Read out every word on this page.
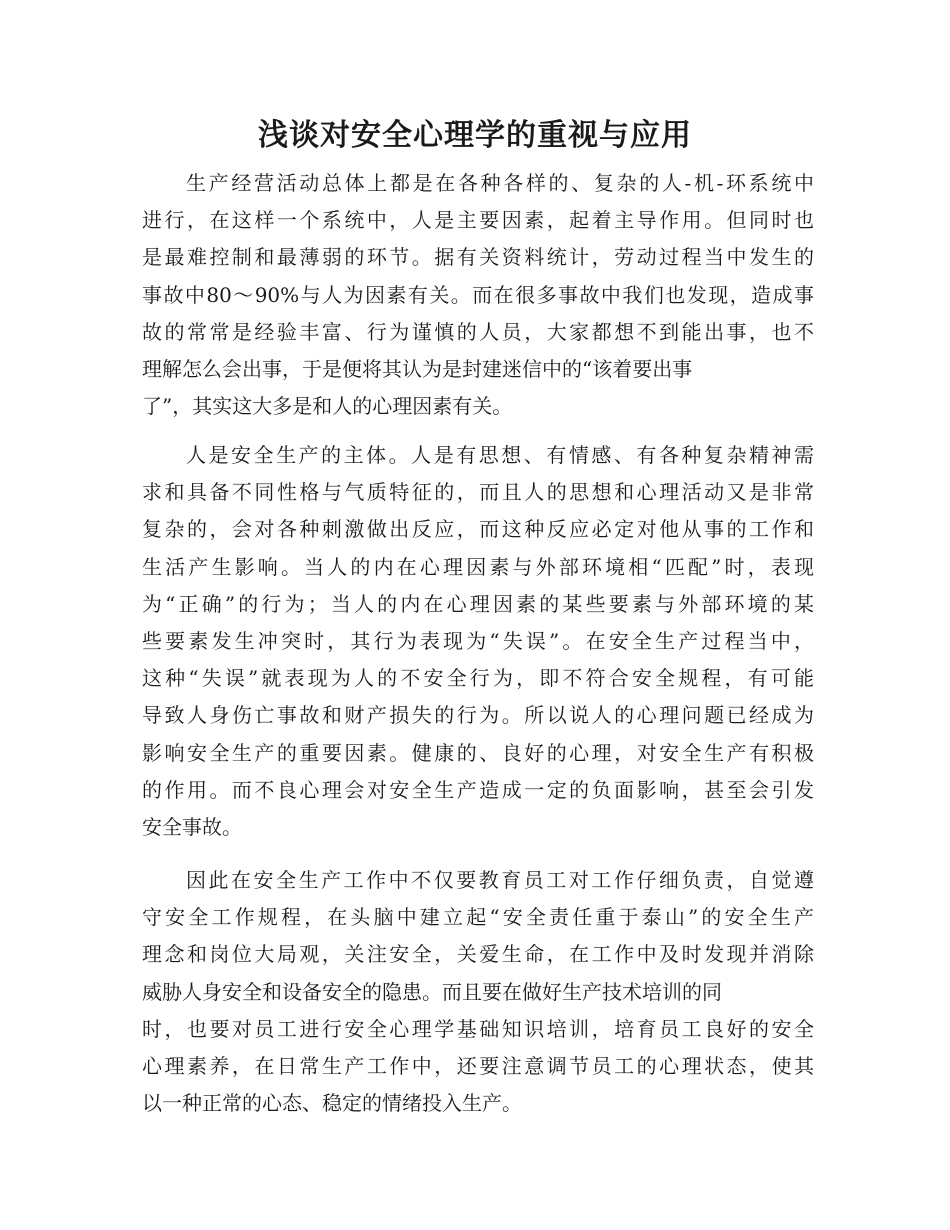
浅谈对安全心理学的重视与应用
生产经营活动总体上都是在各种各样的、复杂的人-机-环系统中
进行，在这样一个系统中，人是主要因素，起着主导作用。但同时也
是最难控制和最薄弱的环节。据有关资料统计，劳动过程当中发生的
事故中80～90%与人为因素有关。而在很多事故中我们也发现，造成事
故的常常是经验丰富、行为谨慎的人员，大家都想不到能出事，也不
理解怎么会出事，于是便将其认为是封建迷信中的“该着要出事
了”，其实这大多是和人的心理因素有关。
人是安全生产的主体。人是有思想、有情感、有各种复杂精神需
求和具备不同性格与气质特征的，而且人的思想和心理活动又是非常
复杂的，会对各种刺激做出反应，而这种反应必定对他从事的工作和
生活产生影响。当人的内在心理因素与外部环境相“匹配”时，表现
为“正确”的行为；当人的内在心理因素的某些要素与外部环境的某
些要素发生冲突时，其行为表现为“失误”。在安全生产过程当中，
这种“失误”就表现为人的不安全行为，即不符合安全规程，有可能
导致人身伤亡事故和财产损失的行为。所以说人的心理问题已经成为
影响安全生产的重要因素。健康的、良好的心理，对安全生产有积极
的作用。而不良心理会对安全生产造成一定的负面影响，甚至会引发
安全事故。
因此在安全生产工作中不仅要教育员工对工作仔细负责，自觉遵
守安全工作规程，在头脑中建立起“安全责任重于泰山”的安全生产
理念和岗位大局观，关注安全，关爱生命，在工作中及时发现并消除
威胁人身安全和设备安全的隐患。而且要在做好生产技术培训的同
时，也要对员工进行安全心理学基础知识培训，培育员工良好的安全
心理素养，在日常生产工作中，还要注意调节员工的心理状态，使其
以一种正常的心态、稳定的情绪投入生产。
